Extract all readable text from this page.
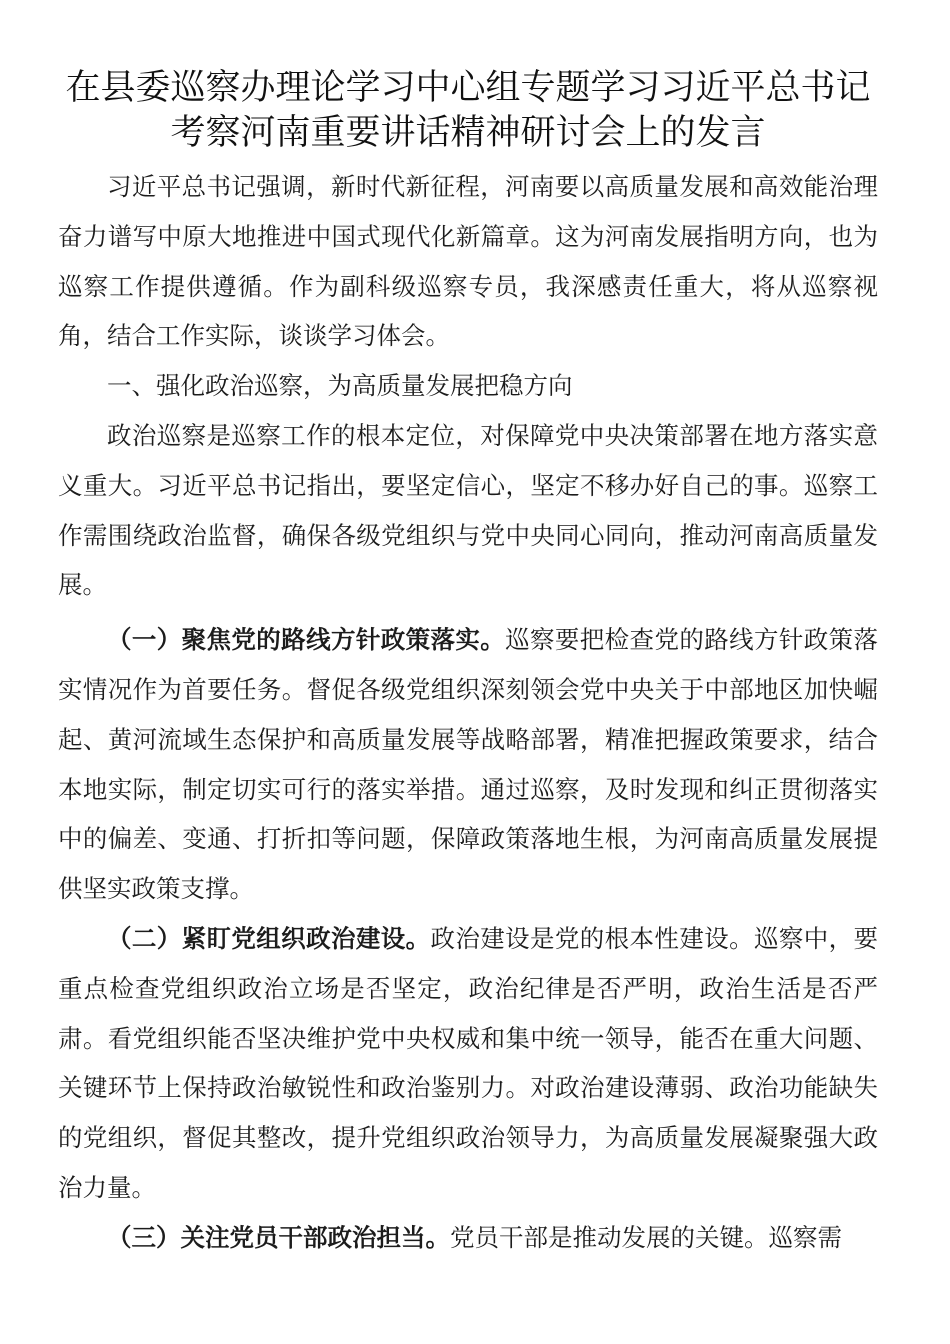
在县委巡察办理论学习中心组专题学习习近平总书记
考察河南重要讲话精神研讨会上的发言

习近平总书记强调，新时代新征程，河南要以高质量发展和高效能治理奋力谱写中原大地推进中国式现代化新篇章。这为河南发展指明方向，也为巡察工作提供遵循。作为副科级巡察专员，我深感责任重大，将从巡察视角，结合工作实际，谈谈学习体会。

一、强化政治巡察，为高质量发展把稳方向

政治巡察是巡察工作的根本定位，对保障党中央决策部署在地方落实意义重大。习近平总书记指出，要坚定信心，坚定不移办好自己的事。巡察工作需围绕政治监督，确保各级党组织与党中央同心同向，推动河南高质量发展。

（一）聚焦党的路线方针政策落实。巡察要把检查党的路线方针政策落实情况作为首要任务。督促各级党组织深刻领会党中央关于中部地区加快崛起、黄河流域生态保护和高质量发展等战略部署，精准把握政策要求，结合本地实际，制定切实可行的落实举措。通过巡察，及时发现和纠正贯彻落实中的偏差、变通、打折扣等问题，保障政策落地生根，为河南高质量发展提供坚实政策支撑。

（二）紧盯党组织政治建设。政治建设是党的根本性建设。巡察中，要重点检查党组织政治立场是否坚定，政治纪律是否严明，政治生活是否严肃。看党组织能否坚决维护党中央权威和集中统一领导，能否在重大问题、关键环节上保持政治敏锐性和政治鉴别力。对政治建设薄弱、政治功能缺失的党组织，督促其整改，提升党组织政治领导力，为高质量发展凝聚强大政治力量。

（三）关注党员干部政治担当。党员干部是推动发展的关键。巡察需
